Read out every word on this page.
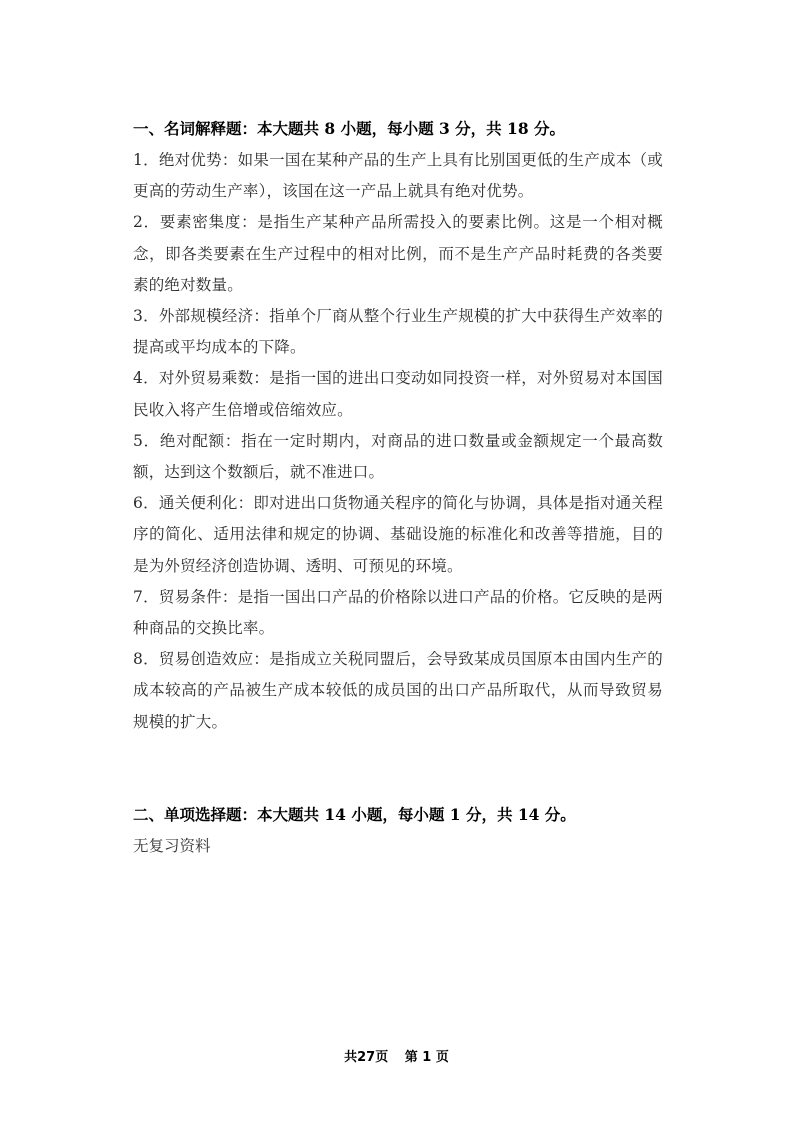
一、名词解释题：本大题共 8 小题，每小题 3 分，共 18 分。

1．绝对优势：如果一国在某种产品的生产上具有比别国更低的生产成本（或更高的劳动生产率），该国在这一产品上就具有绝对优势。

2．要素密集度：是指生产某种产品所需投入的要素比例。这是一个相对概念，即各类要素在生产过程中的相对比例，而不是生产产品时耗费的各类要素的绝对数量。

3．外部规模经济：指单个厂商从整个行业生产规模的扩大中获得生产效率的提高或平均成本的下降。

4．对外贸易乘数：是指一国的进出口变动如同投资一样，对外贸易对本国国民收入将产生倍增或倍缩效应。

5．绝对配额：指在一定时期内，对商品的进口数量或金额规定一个最高数额，达到这个数额后，就不准进口。

6．通关便利化：即对进出口货物通关程序的简化与协调，具体是指对通关程序的简化、适用法律和规定的协调、基础设施的标准化和改善等措施，目的是为外贸经济创造协调、透明、可预见的环境。

7．贸易条件：是指一国出口产品的价格除以进口产品的价格。它反映的是两种商品的交换比率。

8．贸易创造效应：是指成立关税同盟后，会导致某成员国原本由国内生产的成本较高的产品被生产成本较低的成员国的出口产品所取代，从而导致贸易规模的扩大。

二、单项选择题：本大题共 14 小题，每小题 1 分，共 14 分。
无复习资料
共27页 第 1 页
